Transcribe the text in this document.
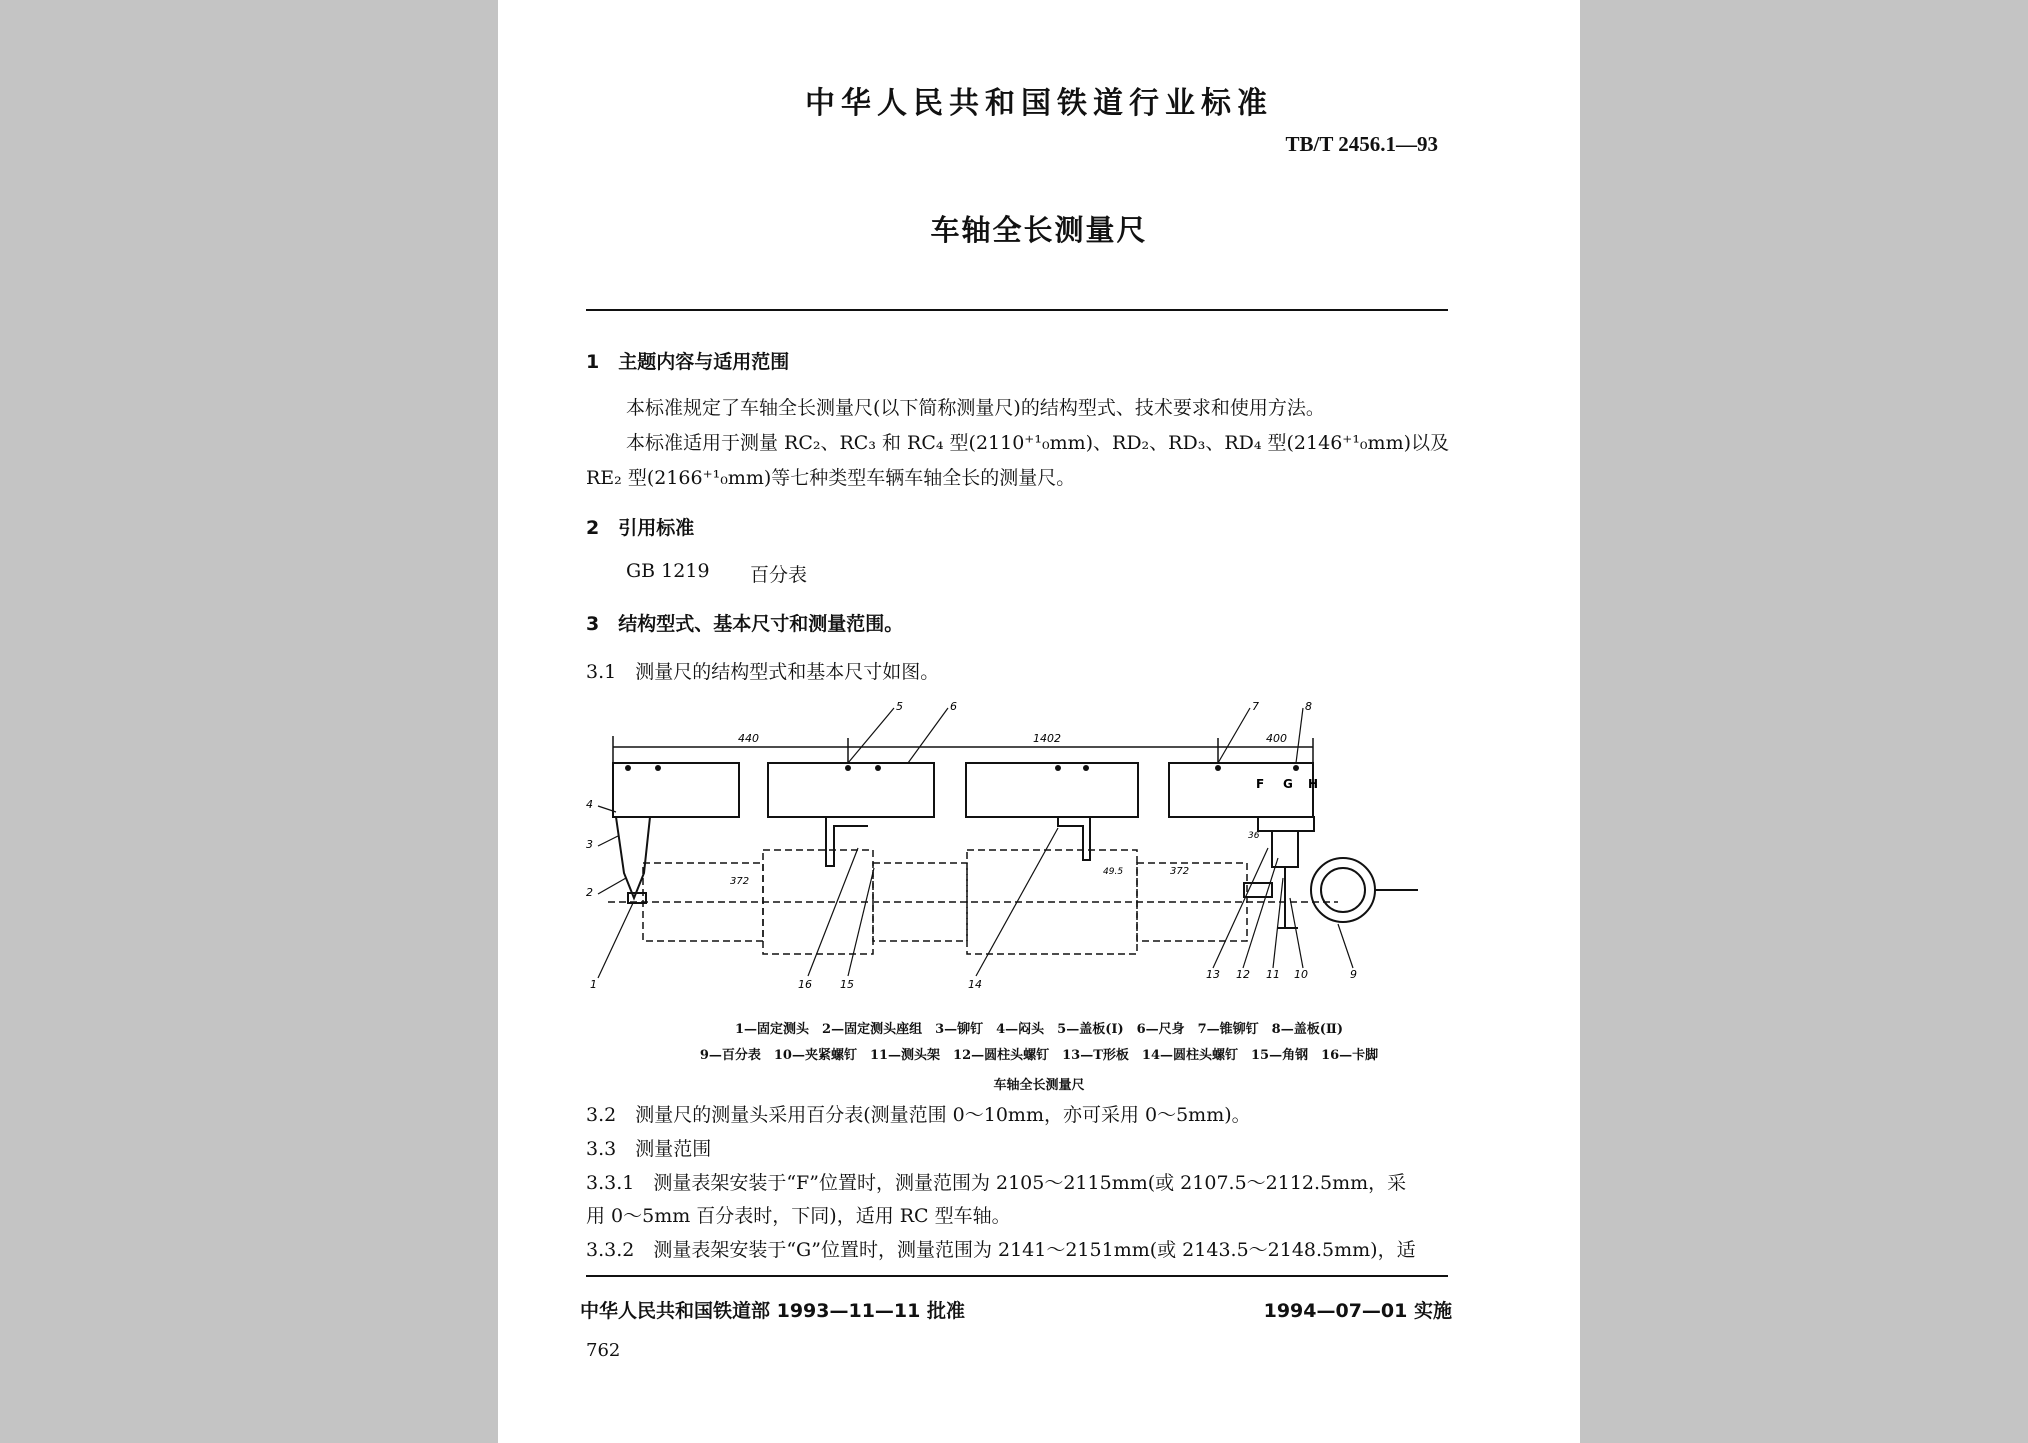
中华人民共和国铁道行业标准
TB/T 2456.1—93
车轴全长测量尺
1　主题内容与适用范围
本标准规定了车轴全长测量尺(以下简称测量尺)的结构型式、技术要求和使用方法。
本标准适用于测量 RC₂、RC₃ 和 RC₄ 型(2110⁺¹₀mm)、RD₂、RD₃、RD₄ 型(2146⁺¹₀mm)以及
RE₂ 型(2166⁺¹₀mm)等七种类型车辆车轴全长的测量尺。
2　引用标准
GB 1219 百分表
3　结构型式、基本尺寸和测量范围。
3.1　测量尺的结构型式和基本尺寸如图。
440	1402	400
372
372
49.5
36
F G H
4
3
2
1
5	6	7	8
16	15	14
13 12 11 10	9
1—固定测头　2—固定测头座组　3—铆钉　4—闷头　5—盖板(Ⅰ)　6—尺身　7—锥铆钉　8—盖板(Ⅱ)
9—百分表　10—夹紧螺钉　11—测头架　12—圆柱头螺钉　13—T形板　14—圆柱头螺钉　15—角钢　16—卡脚
车轴全长测量尺
3.2　测量尺的测量头采用百分表(测量范围 0～10mm，亦可采用 0～5mm)。
3.3　测量范围
3.3.1　测量表架安装于“F”位置时，测量范围为 2105～2115mm(或 2107.5～2112.5mm，采
用 0～5mm 百分表时，下同)，适用 RC 型车轴。
3.3.2　测量表架安装于“G”位置时，测量范围为 2141～2151mm(或 2143.5～2148.5mm)，适
中华人民共和国铁道部 1993—11—11 批准	1994—07—01 实施
762
